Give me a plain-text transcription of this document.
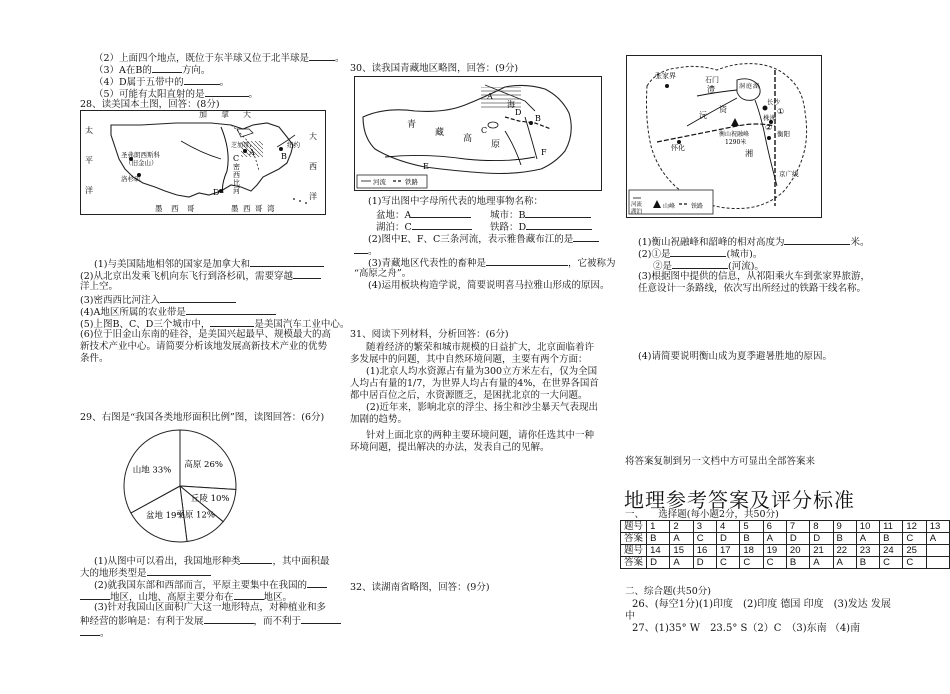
（2）上面四个地点，既位于东半球又位于北半球是	。
（3）A在B的	方向。
（4）D属于五带中的	。
（5）可能有太阳直射的是	。
28、读美国本土图，回答：(8分)
加 拿 大
太
平
洋
大
西
洋
圣弗朗西斯科
（旧金山）
洛杉矶
芝加哥	纽约
A	B
C
D
密
西
比
河
墨 西 哥	墨 西 哥 湾
(1)与美国陆地相邻的国家是加拿大和
(2)从北京出发乘飞机向东飞行到洛杉矶，需要穿越
洋上空。
(3)密西西比河注入
(4)A地区所属的农业带是
(5)上图B、C、D三个城市中，	是美国汽车工业中心。
(6)位于旧金山东南的硅谷，是美国兴起最早、规模最大的高
新技术产业中心。请简要分析该地发展高新技术产业的优势
条件。
29、右图是“我国各类地形面积比例”图，读图回答：(6分)
高原 26%
丘陵 10%
平原 12%
盆地 19%
山地 33%
(1)从图中可以看出，我国地形种类	，其中面积最
大的地形类型是
(2)就我国东部和西部而言，平原主要集中在我国的
地区，山地、高原主要分布在	地区。
(3)针对我国山区面积广大这一地形特点，对种植业和多
种经营的影响是：有利于发展	，而不利于
。
30、读我国青藏地区略图，回答：(9分)
A
B
C
D
E
F
青
藏
高
原
海
河流	铁路
(1)写出图中字母所代表的地理事物名称：
盆地：A	城市：B
湖泊：C	铁路：D
(2)图中E、F、C三条河流，表示雅鲁藏布江的是
。
(3)青藏地区代表性的畜种是	，它被称为
“高原之舟”。
(4)运用板块构造学说，简要说明喜马拉雅山形成的原因。
31、阅读下列材料，分析回答：(6分)
随着经济的繁荣和城市规模的日益扩大，北京面临着许
多发展中的问题，其中自然环境问题，主要有两个方面：
(1)北京人均水资源占有量为300立方米左右，仅为全国
人均占有量的1/7，为世界人均占有量的4%，在世界各国首
都中居百位之后，水资源匮乏，是困扰北京的一大问题。
(2)近年来，影响北京的浮尘、扬尘和沙尘暴天气表现出
加剧的趋势。
针对上面北京的两种主要环境问题，请你任选其中一种
环境问题，提出解决的办法，发表自己的见解。
32、读湖南省略图，回答：(9分)
张家界	石门
长沙
株洲
衡阳
怀化
衡山祝融峰
1290米
湘
沅
澧
资
洞 庭 湖
京广线
①
②
河流
湖泊
山峰	铁路
(1)衡山祝融峰和韶峰的相对高度为	米。
(2)①是	(城市)。
②是	(河流)。
(3)根据图中提供的信息，从祁阳乘火车到张家界旅游，
任意设计一条路线，依次写出所经过的铁路干线名称。
(4)请简要说明衡山成为夏季避暑胜地的原因。
将答案复制到另一文档中方可显出全部答案来
地理参考答案及评分标准
一、　　选择题(每小题2分，共50分)
题号	1	2	3	4	5	6	7	8	9	10	11	12	13
答案	B	A	C	D	B	A	D	D	B	A	B	C	A
题号	14	15	16	17	18	19	20	21	22	23	24	25	
答案	D	A	D	C	C	C	B	A	A	B	C	C	
二、综合题(共50分)
26、(每空1分)(1)印度　(2)印度 德国 印度　(3)发达 发展
中
27、(1)35° W　23.5° S（2）C　（3)东南 （4)南
